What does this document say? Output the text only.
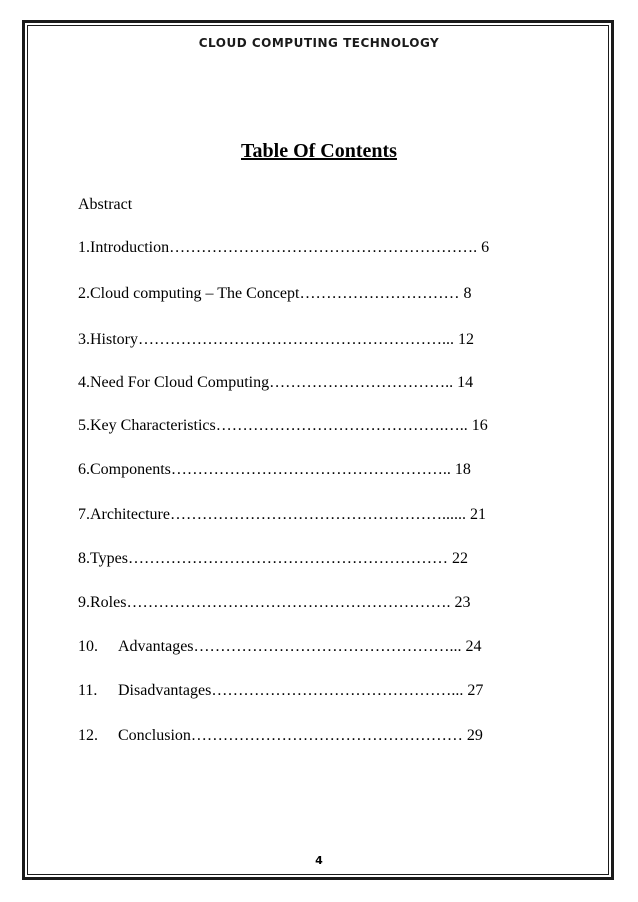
CLOUD COMPUTING TECHNOLOGY
Table Of Contents
Abstract
1.Introduction…………………………………………………. 6
2.Cloud computing – The Concept………………………… 8
3.History…………………………………………………... 12
4.Need For Cloud Computing…………………………….. 14
5.Key Characteristics…………………………………….….. 16
6.Components…………………………………………….. 18
7.Architecture……………………………………………...... 21
8.Types…………………………………………………… 22
9.Roles……………………………………………………. 23
10. Advantages…………………………………………... 24
11. Disadvantages………………………………………... 27
12. Conclusion…………………………………………… 29
4
